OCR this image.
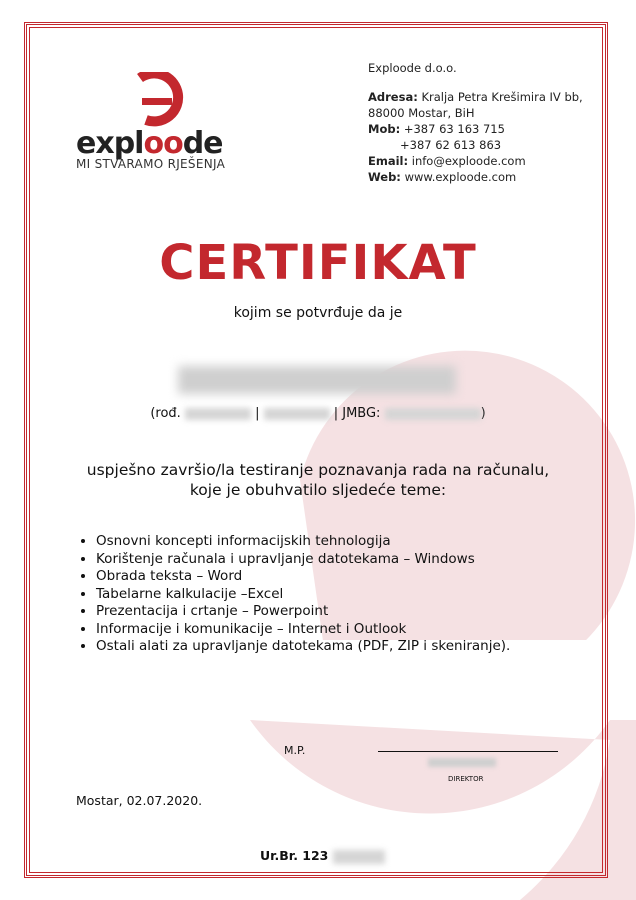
exploode
MI STVARAMO RJEŠENJA
Exploode d.o.o.
Adresa: Kralja Petra Krešimira IV bb,
88000 Mostar, BiH
Mob: +387 63 163 715
+387 62 613 863
Email: info@exploode.com
Web: www.exploode.com
CERTIFIKAT
kojim se potvrđuje da je
(rođ.	|	| JMBG:	)
uspješno završio/la testiranje poznavanja rada na računalu, koje je obuhvatilo sljedeće teme:
• Osnovni koncepti informacijskih tehnologija
• Korištenje računala i upravljanje datotekama – Windows
• Obrada teksta – Word
• Tabelarne kalkulacije –Excel
• Prezentacija i crtanje – Powerpoint
• Informacije i komunikacije – Internet i Outlook
• Ostali alati za upravljanje datotekama (PDF, ZIP i skeniranje).
M.P.
DIREKTOR
Mostar, 02.07.2020.
Ur.Br. 123
